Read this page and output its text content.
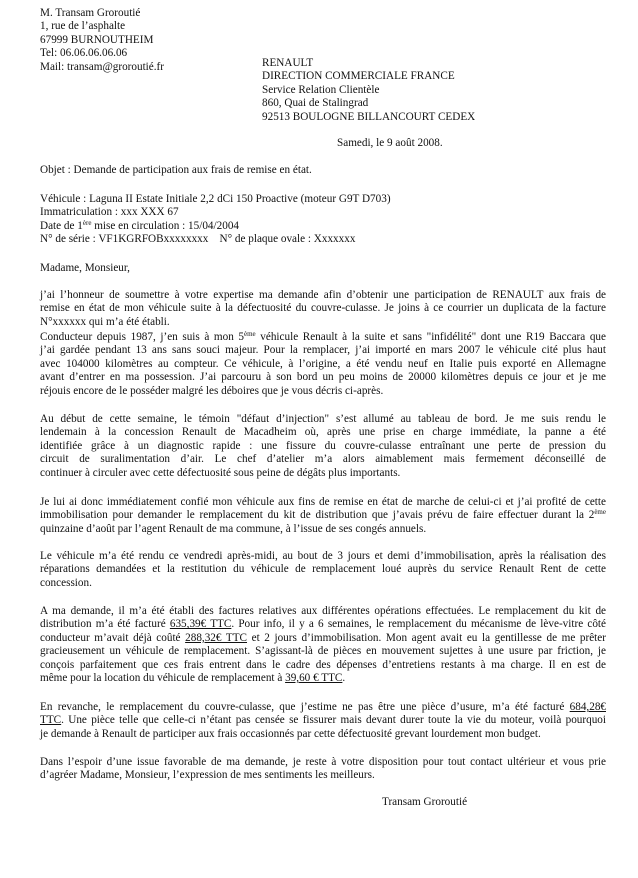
M. Transam Groroutié
1, rue de l’asphalte
67999 BURNOUTHEIM
Tel: 06.06.06.06.06
Mail: transam@groroutié.fr	RENAULT
DIRECTION COMMERCIALE FRANCE
Service Relation Clientèle
860, Quai de Stalingrad
92513 BOULOGNE BILLANCOURT CEDEX
Samedi, le 9 août 2008.
Objet : Demande de participation aux frais de remise en état.
Véhicule : Laguna II Estate Initiale 2,2 dCi 150 Proactive (moteur G9T D703)
Immatriculation : xxx XXX 67
Date de 1ère mise en circulation : 15/04/2004
N° de série : VF1KGRFOBxxxxxxxx    N° de plaque ovale : Xxxxxxx
Madame, Monsieur,
j’ai l’honneur de soumettre à votre expertise ma demande afin d’obtenir une participation de RENAULT aux frais de
remise en état de mon véhicule suite à la défectuosité du couvre-culasse. Je joins à ce courrier un duplicata de la facture
N°xxxxxx qui m’a été établi.
Conducteur depuis 1987, j’en suis à mon 5ème véhicule Renault à la suite et sans "infidélité" dont une R19 Baccara que
j’ai gardée pendant 13 ans sans souci majeur. Pour la remplacer, j’ai importé en mars 2007 le véhicule cité plus haut
avec 104000 kilomètres au compteur. Ce véhicule, à l’origine, a été vendu neuf en Italie puis exporté en Allemagne
avant d’entrer en ma possession. J’ai parcouru à son bord un peu moins de 20000 kilomètres depuis ce jour et je me
réjouis encore de le posséder malgré les déboires que je vous décris ci-après.
Au début de cette semaine, le témoin "défaut d’injection" s’est allumé au tableau de bord. Je me suis rendu le
lendemain à la concession Renault de Macadheim où, après une prise en charge immédiate, la panne a été
identifiée grâce à un diagnostic rapide : une fissure du couvre-culasse entraînant une perte de pression du
circuit de suralimentation d’air. Le chef d’atelier m’a alors aimablement mais fermement déconseillé de
continuer à circuler avec cette défectuosité sous peine de dégâts plus importants.
Je lui ai donc immédiatement confié mon véhicule aux fins de remise en état de marche de celui-ci et j’ai profité de cette
immobilisation pour demander le remplacement du kit de distribution que j’avais prévu de faire effectuer durant la 2ème
quinzaine d’août par l’agent Renault de ma commune, à l’issue de ses congés annuels.
Le véhicule m’a été rendu ce vendredi après-midi, au bout de 3 jours et demi d’immobilisation, après la réalisation des
réparations demandées et la restitution du véhicule de remplacement loué auprès du service Renault Rent de cette
concession.
A ma demande, il m’a été établi des factures relatives aux différentes opérations effectuées. Le remplacement du kit de
distribution m’a été facturé 635,39€ TTC. Pour info, il y a 6 semaines, le remplacement du mécanisme de lève-vitre côté
conducteur m’avait déjà coûté 288,32€ TTC et 2 jours d’immobilisation. Mon agent avait eu la gentillesse de me prêter
gracieusement un véhicule de remplacement. S’agissant-là de pièces en mouvement sujettes à une usure par friction, je
conçois parfaitement que ces frais entrent dans le cadre des dépenses d’entretiens restants à ma charge. Il en est de
même pour la location du véhicule de remplacement à 39,60 € TTC.
En revanche, le remplacement du couvre-culasse, que j’estime ne pas être une pièce d’usure, m’a été facturé 684,28€
TTC. Une pièce telle que celle-ci n’étant pas censée se fissurer mais devant durer toute la vie du moteur, voilà pourquoi
je demande à Renault de participer aux frais occasionnés par cette défectuosité grevant lourdement mon budget.
Dans l’espoir d’une issue favorable de ma demande, je reste à votre disposition pour tout contact ultérieur et vous prie
d’agréer Madame, Monsieur, l’expression de mes sentiments les meilleurs.
Transam Groroutié
